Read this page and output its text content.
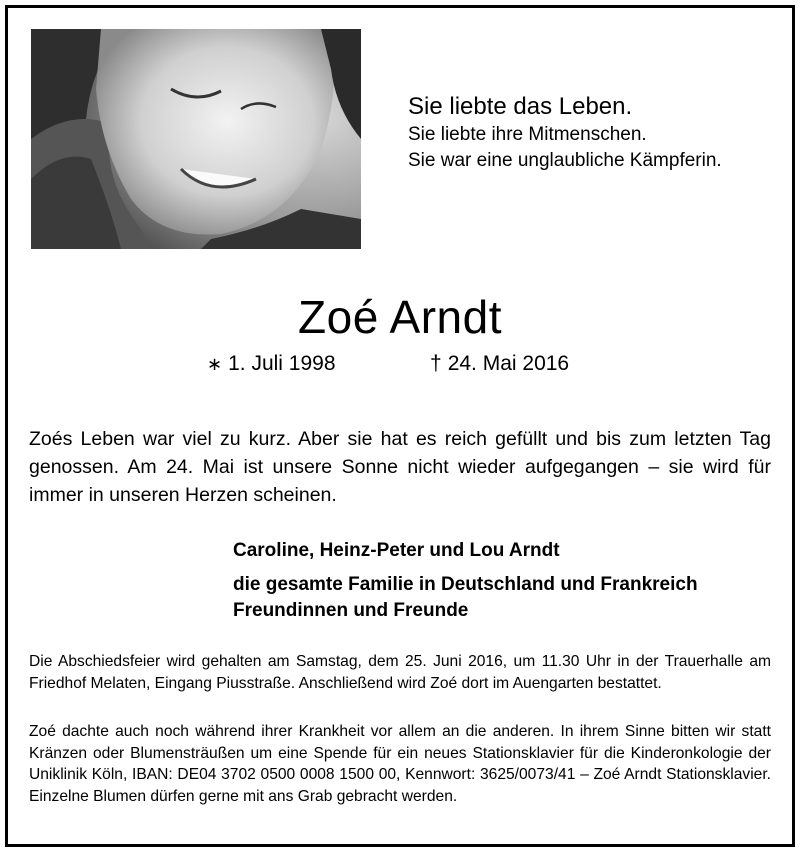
Sie liebte das Leben.
Sie liebte ihre Mitmenschen.
Sie war eine unglaubliche Kämpferin.
Zoé Arndt
∗ 1. Juli 1998	† 24. Mai 2016
Zoés Leben war viel zu kurz. Aber sie hat es reich gefüllt und bis zum letzten Tag genossen. Am 24. Mai ist unsere Sonne nicht wieder aufgegangen – sie wird für immer in unseren Herzen scheinen.
Caroline, Heinz-Peter und Lou Arndt
die gesamte Familie in Deutschland und Frankreich
Freundinnen und Freunde
Die Abschiedsfeier wird gehalten am Samstag, dem 25. Juni 2016, um 11.30 Uhr in der Trauerhalle am Friedhof Melaten, Eingang Piusstraße. Anschließend wird Zoé dort im Auengarten bestattet.
Zoé dachte auch noch während ihrer Krankheit vor allem an die anderen. In ihrem Sinne bitten wir statt Kränzen oder Blumensträußen um eine Spende für ein neues Stationsklavier für die Kinderonkologie der Uniklinik Köln, IBAN: DE04 3702 0500 0008 1500 00, Kennwort: 3625/0073/41 – Zoé Arndt Stationsklavier. Einzelne Blumen dürfen gerne mit ans Grab gebracht werden.
